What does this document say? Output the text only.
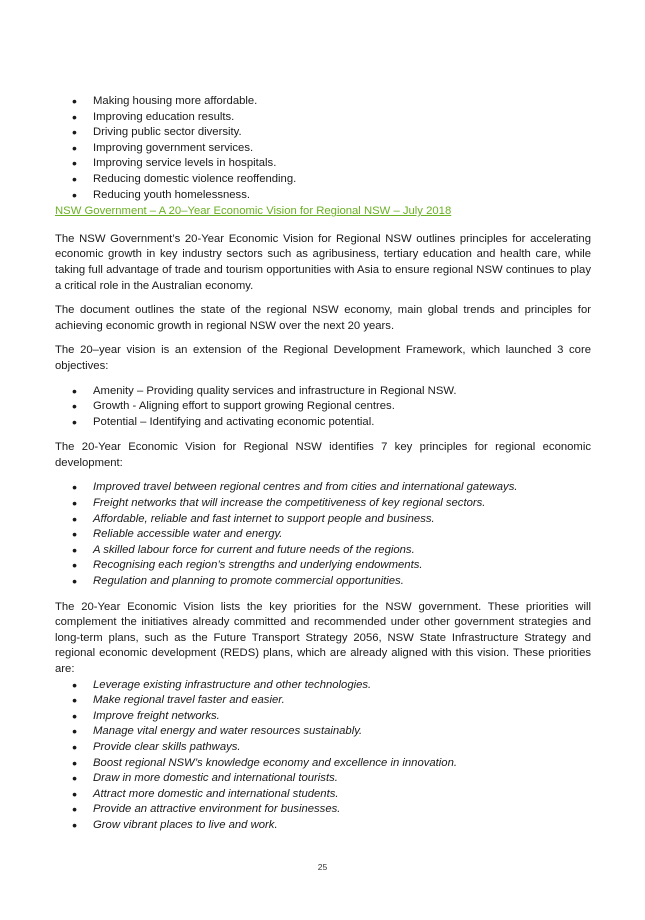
• Making housing more affordable.
• Improving education results.
• Driving public sector diversity.
• Improving government services.
• Improving service levels in hospitals.
• Reducing domestic violence reoffending.
• Reducing youth homelessness.
NSW Government – A 20–Year Economic Vision for Regional NSW – July 2018

The NSW Government’s 20-Year Economic Vision for Regional NSW outlines principles for accelerating economic growth in key industry sectors such as agribusiness, tertiary education and health care, while taking full advantage of trade and tourism opportunities with Asia to ensure regional NSW continues to play a critical role in the Australian economy.

The document outlines the state of the regional NSW economy, main global trends and principles for achieving economic growth in regional NSW over the next 20 years.

The 20–year vision is an extension of the Regional Development Framework, which launched 3 core objectives:

• Amenity – Providing quality services and infrastructure in Regional NSW.
• Growth - Aligning effort to support growing Regional centres.
• Potential – Identifying and activating economic potential.

The 20-Year Economic Vision for Regional NSW identifies 7 key principles for regional economic development:

• Improved travel between regional centres and from cities and international gateways.
• Freight networks that will increase the competitiveness of key regional sectors.
• Affordable, reliable and fast internet to support people and business.
• Reliable accessible water and energy.
• A skilled labour force for current and future needs of the regions.
• Recognising each region’s strengths and underlying endowments.
• Regulation and planning to promote commercial opportunities.

The 20-Year Economic Vision lists the key priorities for the NSW government. These priorities will complement the initiatives already committed and recommended under other government strategies and long-term plans, such as the Future Transport Strategy 2056, NSW State Infrastructure Strategy and regional economic development (REDS) plans, which are already aligned with this vision. These priorities are:

• Leverage existing infrastructure and other technologies.
• Make regional travel faster and easier.
• Improve freight networks.
• Manage vital energy and water resources sustainably.
• Provide clear skills pathways.
• Boost regional NSW’s knowledge economy and excellence in innovation.
• Draw in more domestic and international tourists.
• Attract more domestic and international students.
• Provide an attractive environment for businesses.
• Grow vibrant places to live and work.
25
